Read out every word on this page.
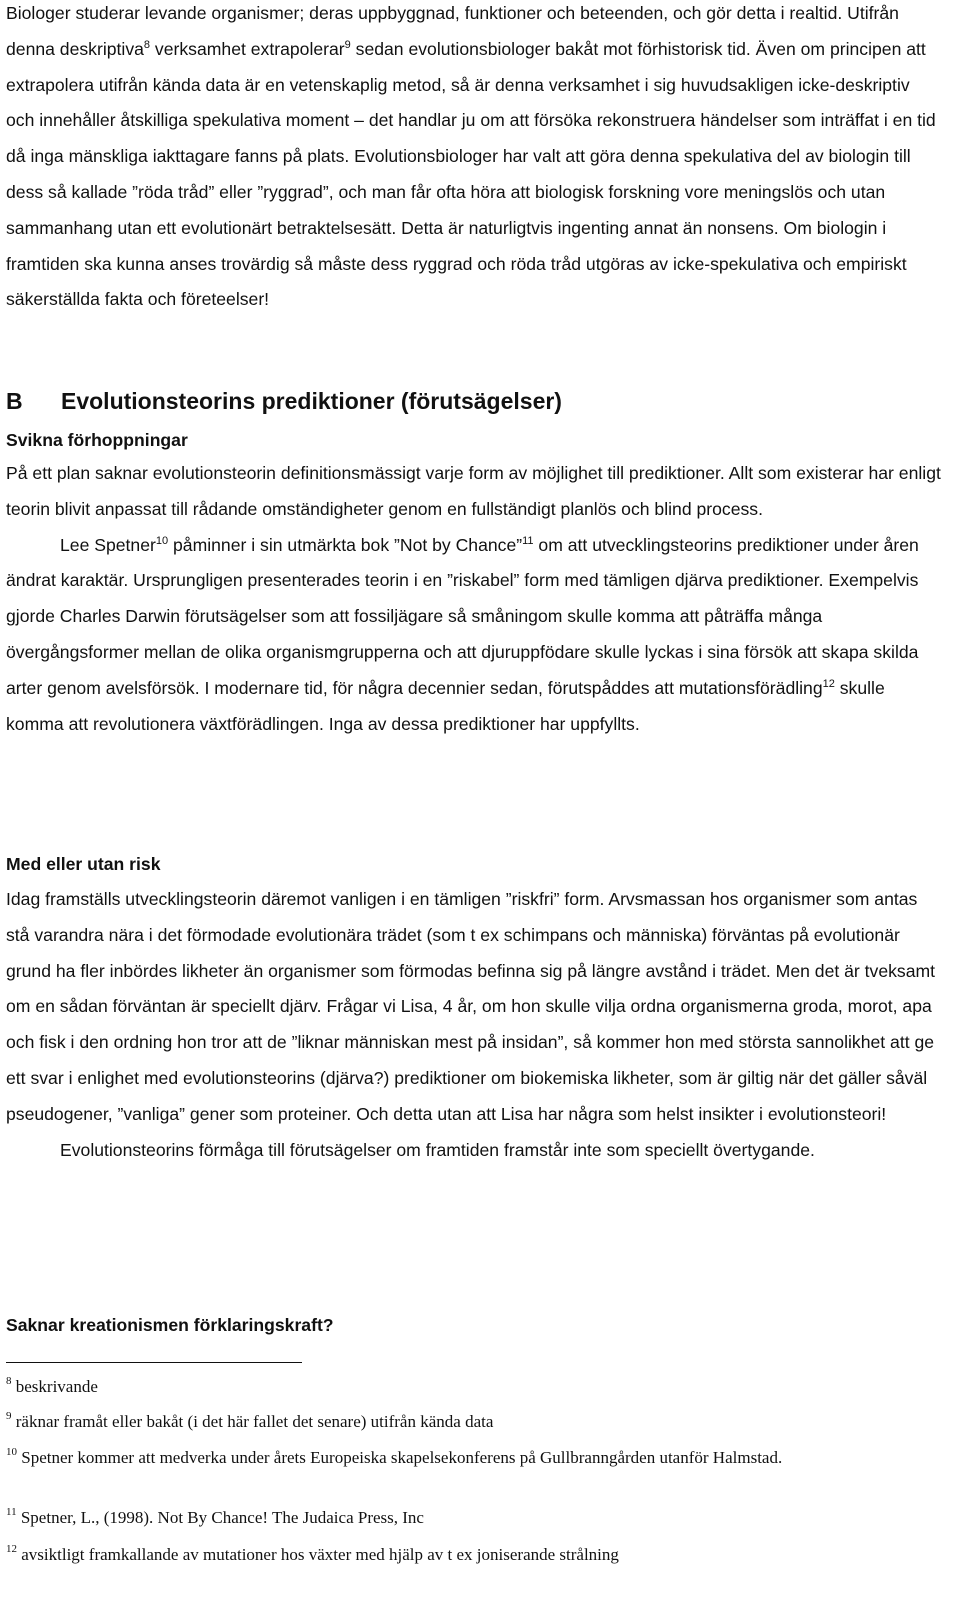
Biologer studerar levande organismer; deras uppbyggnad, funktioner och beteenden, och gör detta i realtid. Utifrån denna deskriptiva$^8$ verksamhet extrapolerar$^9$ sedan evolutionsbiologer bakåt mot förhistorisk tid. Även om principen att extrapolera utifrån kända data är en vetenskaplig metod, så är denna verksamhet i sig huvudsakligen icke-deskriptiv och innehåller åtskilliga spekulativa moment – det handlar ju om att försöka rekonstruera händelser som inträffat i en tid då inga mänskliga iakttagare fanns på plats. Evolutionsbiologer har valt att göra denna spekulativa del av biologin till dess så kallade ”röda tråd” eller ”ryggrad”, och man får ofta höra att biologisk forskning vore meningslös och utan sammanhang utan ett evolutionärt betraktelsesätt. Detta är naturligtvis ingenting annat än nonsens. Om biologin i framtiden ska kunna anses trovärdig så måste dess ryggrad och röda tråd utgöras av icke-spekulativa och empiriskt säkerställda fakta och företeelser!

B Evolutionsteorins prediktioner (förutsägelser)
Svikna förhoppningar

På ett plan saknar evolutionsteorin definitionsmässigt varje form av möjlighet till prediktioner. Allt som existerar har enligt teorin blivit anpassat till rådande omständigheter genom en fullständigt planlös och blind process.

Lee Spetner$^{10}$ påminner i sin utmärkta bok ”Not by Chance”$^{11}$ om att utvecklingsteorins prediktioner under åren ändrat karaktär. Ursprungligen presenterades teorin i en ”riskabel” form med tämligen djärva prediktioner. Exempelvis gjorde Charles Darwin förutsägelser som att fossiljägare så småningom skulle komma att påträffa många övergångsformer mellan de olika organismgrupperna och att djuruppfödare skulle lyckas i sina försök att skapa skilda arter genom avelsförsök. I modernare tid, för några decennier sedan, förutspåddes att mutationsförädling$^{12}$ skulle komma att revolutionera växtförädlingen. Inga av dessa prediktioner har uppfyllts.

Med eller utan risk

Idag framställs utvecklingsteorin däremot vanligen i en tämligen ”riskfri” form. Arvsmassan hos organismer som antas stå varandra nära i det förmodade evolutionära trädet (som t ex schimpans och människa) förväntas på evolutionär grund ha fler inbördes likheter än organismer som förmodas befinna sig på längre avstånd i trädet. Men det är tveksamt om en sådan förväntan är speciellt djärv. Frågar vi Lisa, 4 år, om hon skulle vilja ordna organismerna groda, morot, apa och fisk i den ordning hon tror att de ”liknar människan mest på insidan”, så kommer hon med största sannolikhet att ge ett svar i enlighet med evolutionsteorins (djärva?) prediktioner om biokemiska likheter, som är giltig när det gäller såväl pseudogener, ”vanliga” gener som proteiner. Och detta utan att Lisa har några som helst insikter i evolutionsteori!

Evolutionsteorins förmåga till förutsägelser om framtiden framstår inte som speciellt övertygande.

Saknar kreationismen förklaringskraft?

$^8$ beskrivande

$^9$ räknar framåt eller bakåt (i det här fallet det senare) utifrån kända data

$^{10}$ Spetner kommer att medverka under årets Europeiska skapelsekonferens på Gullbranngården utanför Halmstad.

$^{11}$ Spetner, L., (1998). Not By Chance! The Judaica Press, Inc

$^{12}$ avsiktligt framkallande av mutationer hos växter med hjälp av t ex joniserande strålning
